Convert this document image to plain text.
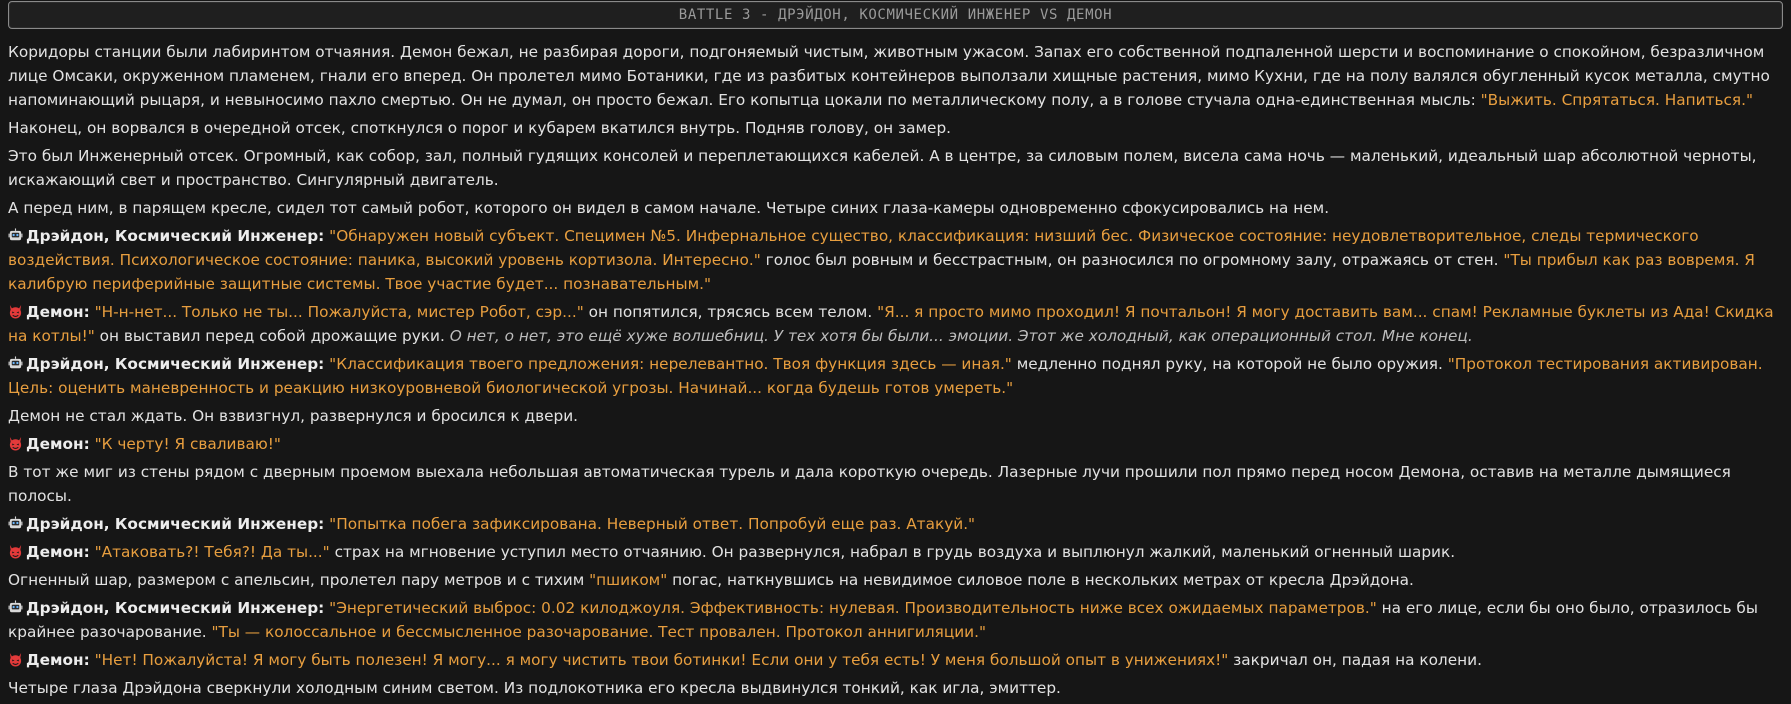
BATTLE 3 - ДРЭЙДОН, КОСМИЧЕСКИЙ ИНЖЕНЕР VS ДЕМОН
Коридоры станции были лабиринтом отчаяния. Демон бежал, не разбирая дороги, подгоняемый чистым, животным ужасом. Запах его собственной подпаленной шерсти и воспоминание о спокойном, безразличном лице Омсаки, окруженном пламенем, гнали его вперед. Он пролетел мимо Ботаники, где из разбитых контейнеров выползали хищные растения, мимо Кухни, где на полу валялся обугленный кусок металла, смутно напоминающий рыцаря, и невыносимо пахло смертью. Он не думал, он просто бежал. Его копытца цокали по металлическому полу, а в голове стучала одна-единственная мысль: "Выжить. Спрятаться. Напиться."
Наконец, он ворвался в очередной отсек, споткнулся о порог и кубарем вкатился внутрь. Подняв голову, он замер.
Это был Инженерный отсек. Огромный, как собор, зал, полный гудящих консолей и переплетающихся кабелей. А в центре, за силовым полем, висела сама ночь — маленький, идеальный шар абсолютной черноты, искажающий свет и пространство. Сингулярный двигатель.
А перед ним, в парящем кресле, сидел тот самый робот, которого он видел в самом начале. Четыре синих глаза-камеры одновременно сфокусировались на нем.
Дрэйдон, Космический Инженер: "Обнаружен новый субъект. Специмен №5. Инфернальное существо, классификация: низший бес. Физическое состояние: неудовлетворительное, следы термического воздействия. Психологическое состояние: паника, высокий уровень кортизола. Интересно." голос был ровным и бесстрастным, он разносился по огромному залу, отражаясь от стен. "Ты прибыл как раз вовремя. Я калибрую периферийные защитные системы. Твое участие будет... познавательным."
Демон: "Н-н-нет... Только не ты... Пожалуйста, мистер Робот, сэр..." он попятился, трясясь всем телом. "Я... я просто мимо проходил! Я почтальон! Я могу доставить вам... спам! Рекламные буклеты из Ада! Скидка на котлы!" он выставил перед собой дрожащие руки. О нет, о нет, это ещё хуже волшебниц. У тех хотя бы были... эмоции. Этот же холодный, как операционный стол. Мне конец.
Дрэйдон, Космический Инженер: "Классификация твоего предложения: нерелевантно. Твоя функция здесь — иная." медленно поднял руку, на которой не было оружия. "Протокол тестирования активирован. Цель: оценить маневренность и реакцию низкоуровневой биологической угрозы. Начинай... когда будешь готов умереть."
Демон не стал ждать. Он взвизгнул, развернулся и бросился к двери.
Демон: "К черту! Я сваливаю!"
В тот же миг из стены рядом с дверным проемом выехала небольшая автоматическая турель и дала короткую очередь. Лазерные лучи прошили пол прямо перед носом Демона, оставив на металле дымящиеся полосы.
Дрэйдон, Космический Инженер: "Попытка побега зафиксирована. Неверный ответ. Попробуй еще раз. Атакуй."
Демон: "Атаковать?! Тебя?! Да ты..." страх на мгновение уступил место отчаянию. Он развернулся, набрал в грудь воздуха и выплюнул жалкий, маленький огненный шарик.
Огненный шар, размером с апельсин, пролетел пару метров и с тихим "пшиком" погас, наткнувшись на невидимое силовое поле в нескольких метрах от кресла Дрэйдона.
Дрэйдон, Космический Инженер: "Энергетический выброс: 0.02 килоджоуля. Эффективность: нулевая. Производительность ниже всех ожидаемых параметров." на его лице, если бы оно было, отразилось бы крайнее разочарование. "Ты — колоссальное и бессмысленное разочарование. Тест провален. Протокол аннигиляции."
Демон: "Нет! Пожалуйста! Я могу быть полезен! Я могу... я могу чистить твои ботинки! Если они у тебя есть! У меня большой опыт в унижениях!" закричал он, падая на колени.
Четыре глаза Дрэйдона сверкнули холодным синим светом. Из подлокотника его кресла выдвинулся тонкий, как игла, эмиттер.
